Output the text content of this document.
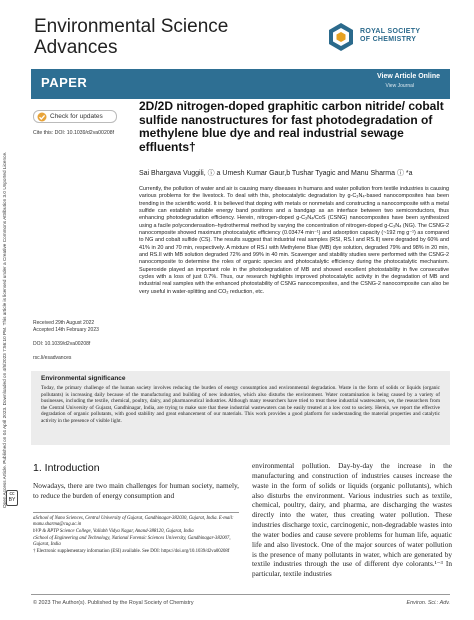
Environmental Science
Advances
ROYAL SOCIETY
OF CHEMISTRY
PAPER	View Article Online
View Journal
Open Access Article. Published on 04 April 2023. Downloaded on 4/5/2023 7:56:10 PM. This article is licensed under a Creative Commons Attribution 3.0 Unported Licence. cc BY
Check for updates
Cite this: DOI: 10.1039/d2va00208f
2D/2D nitrogen-doped graphitic carbon nitride/ cobalt sulfide nanostructures for fast photodegradation of methylene blue dye and real industrial sewage effluents†
Sai Bhargava Vuggili, ⓘ a Umesh Kumar Gaur,b Tushar Tyagic and Manu Sharma ⓘ *a
Currently, the pollution of water and air is causing many diseases in humans and water pollution from textile industries is causing various problems for the livestock. To deal with this, photocatalytic degradation by g-C₃N₄-based nanocomposites has been trending in the scientific world. It is believed that doping with metals or nonmetals and constructing a nanocomposite with a metal sulfide can establish suitable energy band positions and a bandgap as an interface between two semiconductors, thus enhancing photodegradation efficiency. Herein, nitrogen-doped g-C₃N₄/CoS (CSNG) nanocomposites have been synthesized using a facile polycondensation–hydrothermal method by varying the concentration of nitrogen-doped g-C₃N₄ (NG). The CSNG-2 nanocomposite showed maximum photocatalytic efficiency (0.03474 min⁻¹) and adsorption capacity (~192 mg g⁻¹) as compared to NG and cobalt sulfide (CS). The results suggest that industrial real samples (RSI, RS.I and RS.II) were degraded by 60% and 41% in 20 and 70 min, respectively. A mixture of RS.I with Methylene Blue (MB) dye solution, degraded 79% and 98% in 20 min, and RS.II with MB solution degraded 72% and 99% in 40 min. Scavenger and stability studies were performed with the CSNG-2 nanocomposite to determine the roles of organic species and photocatalytic efficiency during the photocatalytic mechanism. Superoxide played an important role in the photodegradation of MB and showed excellent photostability in five consecutive cycles with a loss of just 0.7%. Thus, our research highlights improved photocatalytic activity in the degradation of MB and industrial real samples with the enhanced photostability of CSNG nanocomposites, and the CSNG-2 nanocomposite can also be very useful in water-splitting and CO₂ reduction, etc.
Received 29th August 2022
Accepted 14th February 2023
DOI: 10.1039/d2va00208f
rsc.li/esadvances
Environmental significance
Today, the primary challenge of the human society involves reducing the burden of energy consumption and environmental degradation. Waste in the form of solids or liquids (organic pollutants) is increasing daily because of the manufacturing and building of new industries, which also disturbs the environment. Water contamination is being caused by a variety of businesses, including the textile, chemical, poultry, dairy, and pharmaceutical industries. Although many researchers have tried to treat these industrial wastewaters, we, the researchers from the Central University of Gujarat, Gandhinagar, India, are trying to make sure that these industrial wastewaters can be easily treated at a low cost to society. Herein, we report the effective degradation of organic pollutants, with good stability and great enhancement of our materials. This work provides a good platform for understanding the material properties and catalytic activity in the presence of visible light.
1. Introduction
Nowadays, there are two main challenges for human society, namely, to reduce the burden of energy consumption and
aSchool of Nano Sciences, Central University of Gujarat, Gandhinagar-382030, Gujarat, India. E-mail: manu.sharma@cug.ac.in
bVP & RPTP Science College, Vallabh Vidya Nagar, Anand-388120, Gujarat, India
cSchool of Engineering and Technology, National Forensic Sciences University, Gandhinagar-382007, Gujarat, India
† Electronic supplementary information (ESI) available. See DOI: https://doi.org/10.1039/d2va00208f
environmental pollution. Day-by-day the increase in the manufacturing and construction of industries causes increase the waste in the form of solids or liquids (organic pollutants), which also disturbs the environment. Various industries such as textile, chemical, poultry, dairy, and pharma, are discharging the wastes directly into the water, thus creating water pollution. These industries discharge toxic, carcinogenic, non-degradable wastes into the water bodies and cause severe problems for human life, aquatic life and also livestock. One of the major sources of water pollution is the presence of many pollutants in water, which are generated by textile industries through the use of different dye colorants.¹⁻³ In particular, textile industries
© 2023 The Author(s). Published by the Royal Society of Chemistry	Environ. Sci.: Adv.
